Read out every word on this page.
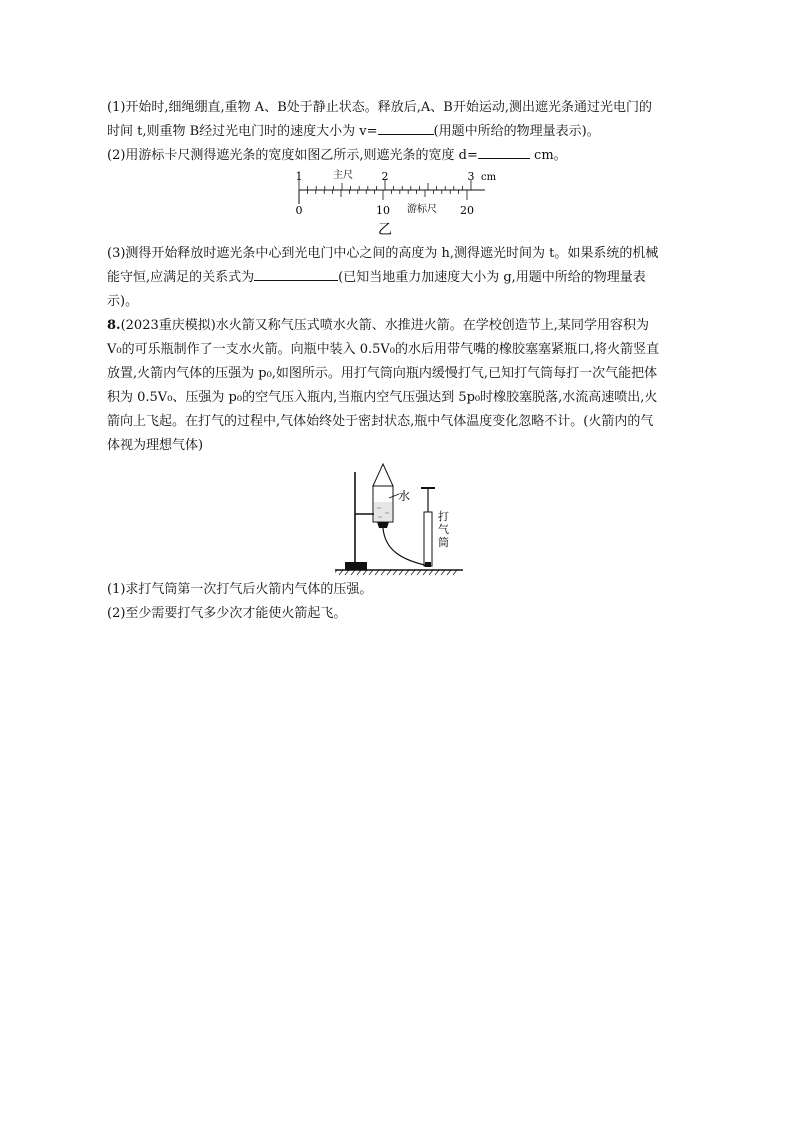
(1)开始时,细绳绷直,重物 A、B处于静止状态。释放后,A、B开始运动,测出遮光条通过光电门的
时间 t,则重物 B经过光电门时的速度大小为 v=	(用题中所给的物理量表示)。
(2)用游标卡尺测得遮光条的宽度如图乙所示,则遮光条的宽度 d=	cm。
1	2	3 cm
主尺
0	10	20
游标尺
乙
(3)测得开始释放时遮光条中心到光电门中心之间的高度为 h,测得遮光时间为 t。如果系统的机械
能守恒,应满足的关系式为	(已知当地重力加速度大小为 g,用题中所给的物理量表
示)。
8.(2023重庆模拟)水火箭又称气压式喷水火箭、水推进火箭。在学校创造节上,某同学用容积为
V₀的可乐瓶制作了一支水火箭。向瓶中装入 0.5V₀的水后用带气嘴的橡胶塞塞紧瓶口,将火箭竖直
放置,火箭内气体的压强为 p₀,如图所示。用打气筒向瓶内缓慢打气,已知打气筒每打一次气能把体
积为 0.5V₀、压强为 p₀的空气压入瓶内,当瓶内空气压强达到 5p₀时橡胶塞脱落,水流高速喷出,火
箭向上飞起。在打气的过程中,气体始终处于密封状态,瓶中气体温度变化忽略不计。(火箭内的气
体视为理想气体)
水
打
气
筒
(1)求打气筒第一次打气后火箭内气体的压强。
(2)至少需要打气多少次才能使火箭起飞。
